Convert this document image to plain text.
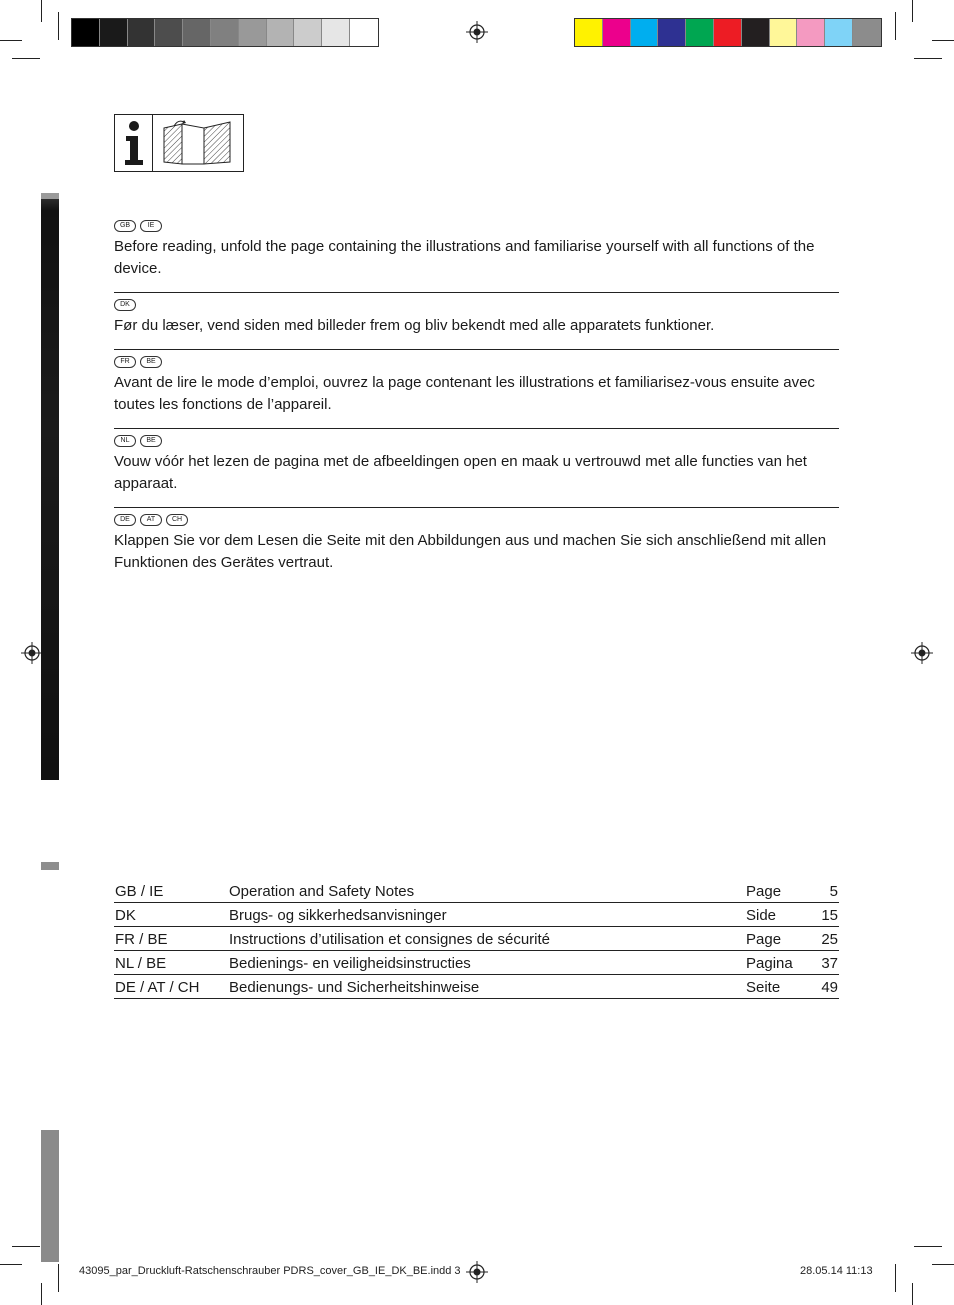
GB	IE

Before reading, unfold the page containing the illustrations and familiarise yourself with all functions of the device.

DK

Før du læser, vend siden med billeder frem og bliv bekendt med alle apparatets funktioner.

FR	BE

Avant de lire le mode d’emploi, ouvrez la page contenant les illustrations et familiarisez-vous ensuite avec toutes les fonctions de l’appareil.

NL	BE

Vouw vóór het lezen de pagina met de afbeeldingen open en maak u vertrouwd met alle functies van het apparaat.

DE	AT	CH

Klappen Sie vor dem Lesen die Seite mit den Abbildungen aus und machen Sie sich anschließend mit allen Funktionen des Gerätes vertraut.

GB / IE	Operation and Safety Notes	Page	5
DK	Brugs- og sikkerhedsanvisninger	Side	15
FR / BE	Instructions d’utilisation et consignes de sécurité	Page	25
NL / BE	Bedienings- en veiligheidsinstructies	Pagina	37
DE / AT / CH	Bedienungs- und Sicherheitshinweise	Seite	49
43095_par_Druckluft-Ratschenschrauber PDRS_cover_GB_IE_DK_BE.indd 3	28.05.14 11:13
